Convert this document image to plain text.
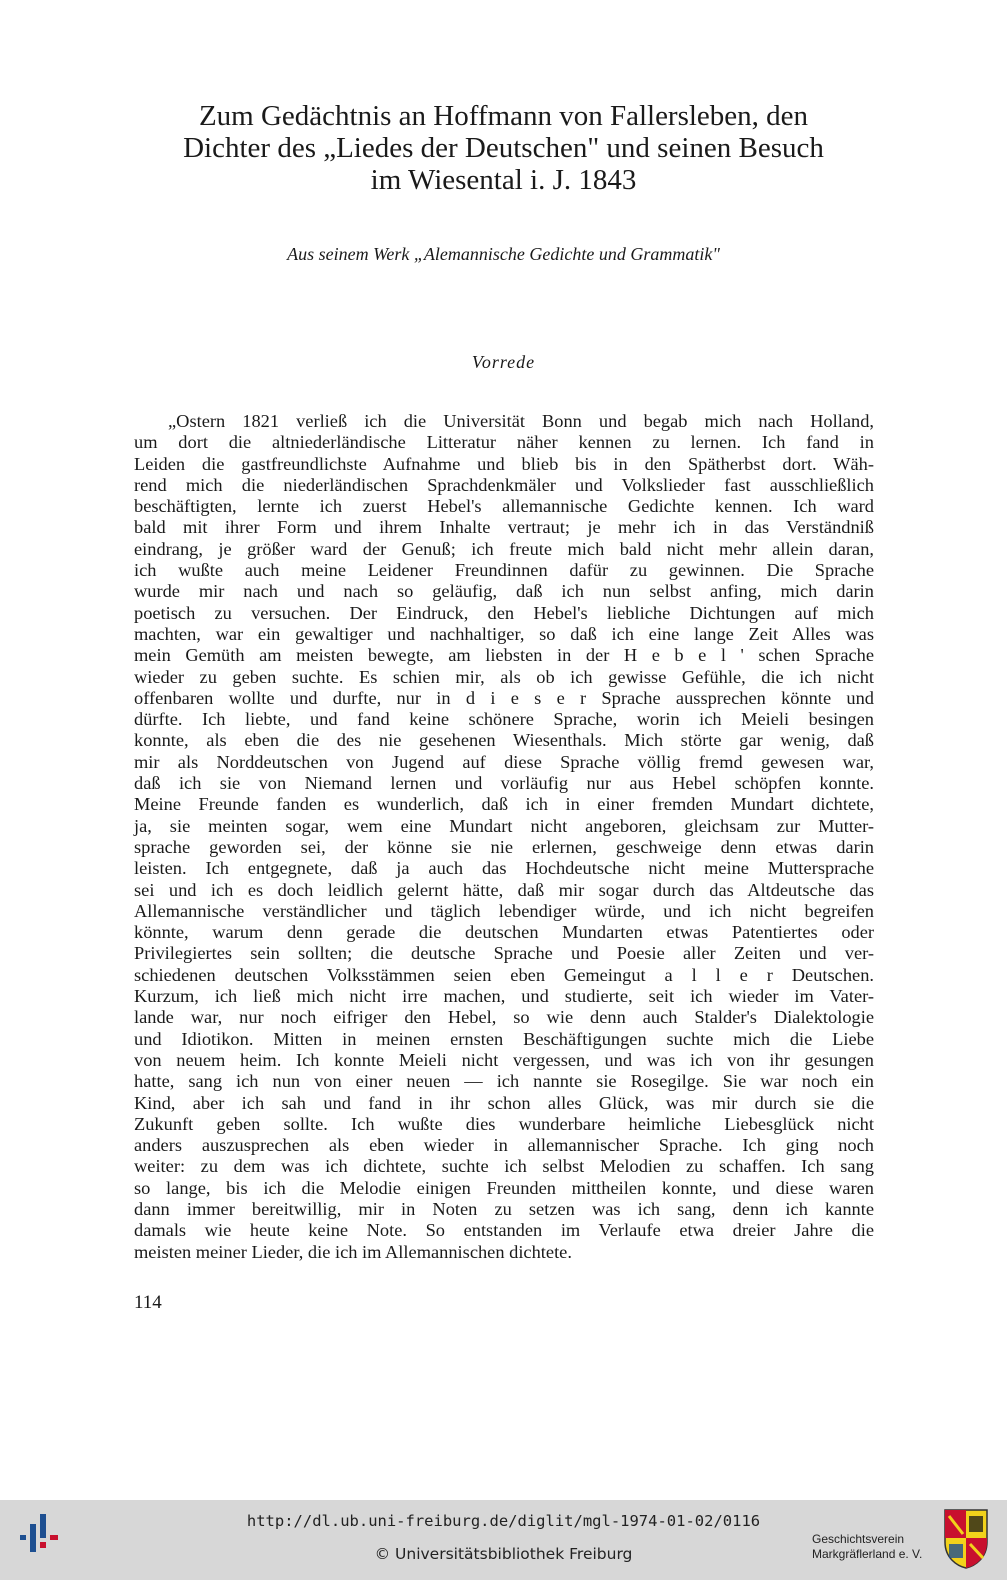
Zum Gedächtnis an Hoffmann von Fallersleben, den
Dichter des „Liedes der Deutschen" und seinen Besuch
im Wiesental i. J. 1843
Aus seinem Werk „Alemannische Gedichte und Grammatik"
Vorrede
„Ostern 1821 verließ ich die Universität Bonn und begab mich nach Holland,
um dort die altniederländische Litteratur näher kennen zu lernen. Ich fand in
Leiden die gastfreundlichste Aufnahme und blieb bis in den Spätherbst dort. Wäh-
rend mich die niederländischen Sprachdenkmäler und Volkslieder fast ausschließlich
beschäftigten, lernte ich zuerst Hebel's allemannische Gedichte kennen. Ich ward
bald mit ihrer Form und ihrem Inhalte vertraut; je mehr ich in das Verständniß
eindrang, je größer ward der Genuß; ich freute mich bald nicht mehr allein daran,
ich wußte auch meine Leidener Freundinnen dafür zu gewinnen. Die Sprache
wurde mir nach und nach so geläufig, daß ich nun selbst anfing, mich darin
poetisch zu versuchen. Der Eindruck, den Hebel's liebliche Dichtungen auf mich
machten, war ein gewaltiger und nachhaltiger, so daß ich eine lange Zeit Alles was
mein Gemüth am meisten bewegte, am liebsten in der H e b e l ' schen Sprache
wieder zu geben suchte. Es schien mir, als ob ich gewisse Gefühle, die ich nicht
offenbaren wollte und durfte, nur in d i e s e r Sprache aussprechen könnte und
dürfte. Ich liebte, und fand keine schönere Sprache, worin ich Meieli besingen
konnte, als eben die des nie gesehenen Wiesenthals. Mich störte gar wenig, daß
mir als Norddeutschen von Jugend auf diese Sprache völlig fremd gewesen war,
daß ich sie von Niemand lernen und vorläufig nur aus Hebel schöpfen konnte.
Meine Freunde fanden es wunderlich, daß ich in einer fremden Mundart dichtete,
ja, sie meinten sogar, wem eine Mundart nicht angeboren, gleichsam zur Mutter-
sprache geworden sei, der könne sie nie erlernen, geschweige denn etwas darin
leisten. Ich entgegnete, daß ja auch das Hochdeutsche nicht meine Muttersprache
sei und ich es doch leidlich gelernt hätte, daß mir sogar durch das Altdeutsche das
Allemannische verständlicher und täglich lebendiger würde, und ich nicht begreifen
könnte, warum denn gerade die deutschen Mundarten etwas Patentiertes oder
Privilegiertes sein sollten; die deutsche Sprache und Poesie aller Zeiten und ver-
schiedenen deutschen Volksstämmen seien eben Gemeingut a l l e r Deutschen.
Kurzum, ich ließ mich nicht irre machen, und studierte, seit ich wieder im Vater-
lande war, nur noch eifriger den Hebel, so wie denn auch Stalder's Dialektologie
und Idiotikon. Mitten in meinen ernsten Beschäftigungen suchte mich die Liebe
von neuem heim. Ich konnte Meieli nicht vergessen, und was ich von ihr gesungen
hatte, sang ich nun von einer neuen — ich nannte sie Rosegilge. Sie war noch ein
Kind, aber ich sah und fand in ihr schon alles Glück, was mir durch sie die
Zukunft geben sollte. Ich wußte dies wunderbare heimliche Liebesglück nicht
anders auszusprechen als eben wieder in allemannischer Sprache. Ich ging noch
weiter: zu dem was ich dichtete, suchte ich selbst Melodien zu schaffen. Ich sang
so lange, bis ich die Melodie einigen Freunden mittheilen konnte, und diese waren
dann immer bereitwillig, mir in Noten zu setzen was ich sang, denn ich kannte
damals wie heute keine Note. So entstanden im Verlaufe etwa dreier Jahre die
meisten meiner Lieder, die ich im Allemannischen dichtete.
114
http://dl.ub.uni-freiburg.de/diglit/mgl-1974-01-02/0116
© Universitätsbibliothek Freiburg
Geschichtsverein
Markgräflerland e. V.
